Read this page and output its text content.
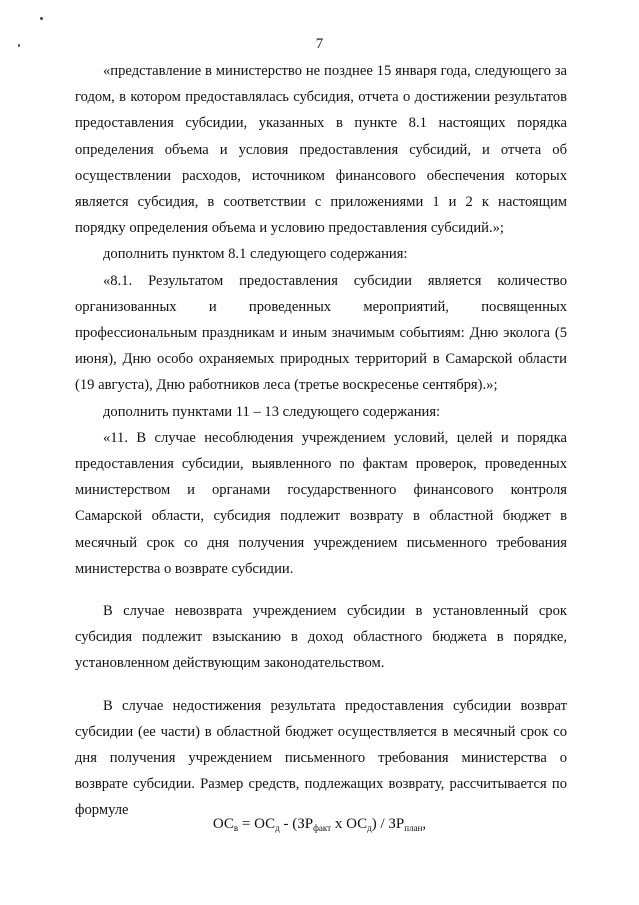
7

«представление в министерство не позднее 15 января года, следующего за годом, в котором предоставлялась субсидия, отчета о достижении результатов предоставления субсидии, указанных в пункте 8.1 настоящих порядка определения объема и условия предоставления субсидий, и отчета об осуществлении расходов, источником финансового обеспечения которых является субсидия, в соответствии с приложениями 1 и 2 к настоящим порядку определения объема и условию предоставления субсидий.»;

дополнить пунктом 8.1 следующего содержания:

«8.1. Результатом предоставления субсидии является количество организованных и проведенных мероприятий, посвященных профессиональным праздникам и иным значимым событиям: Дню эколога (5 июня), Дню особо охраняемых природных территорий в Самарской области (19 августа), Дню работников леса (третье воскресенье сентября).»;

дополнить пунктами 11 – 13 следующего содержания:

«11. В случае несоблюдения учреждением условий, целей и порядка предоставления субсидии, выявленного по фактам проверок, проведенных министерством и органами государственного финансового контроля Самарской области, субсидия подлежит возврату в областной бюджет в месячный срок со дня получения учреждением письменного требования министерства о возврате субсидии.

В случае невозврата учреждением субсидии в установленный срок субсидия подлежит взысканию в доход областного бюджета в порядке, установленном действующим законодательством.

В случае недостижения результата предоставления субсидии возврат субсидии (ее части) в областной бюджет осуществляется в месячный срок со дня получения учреждением письменного требования министерства о возврате субсидии. Размер средств, подлежащих возврату, рассчитывается по формуле

$ОС_в = ОС_д - (ЗР_{факт}$ х $ОС_д) / ЗР_{план}$,
